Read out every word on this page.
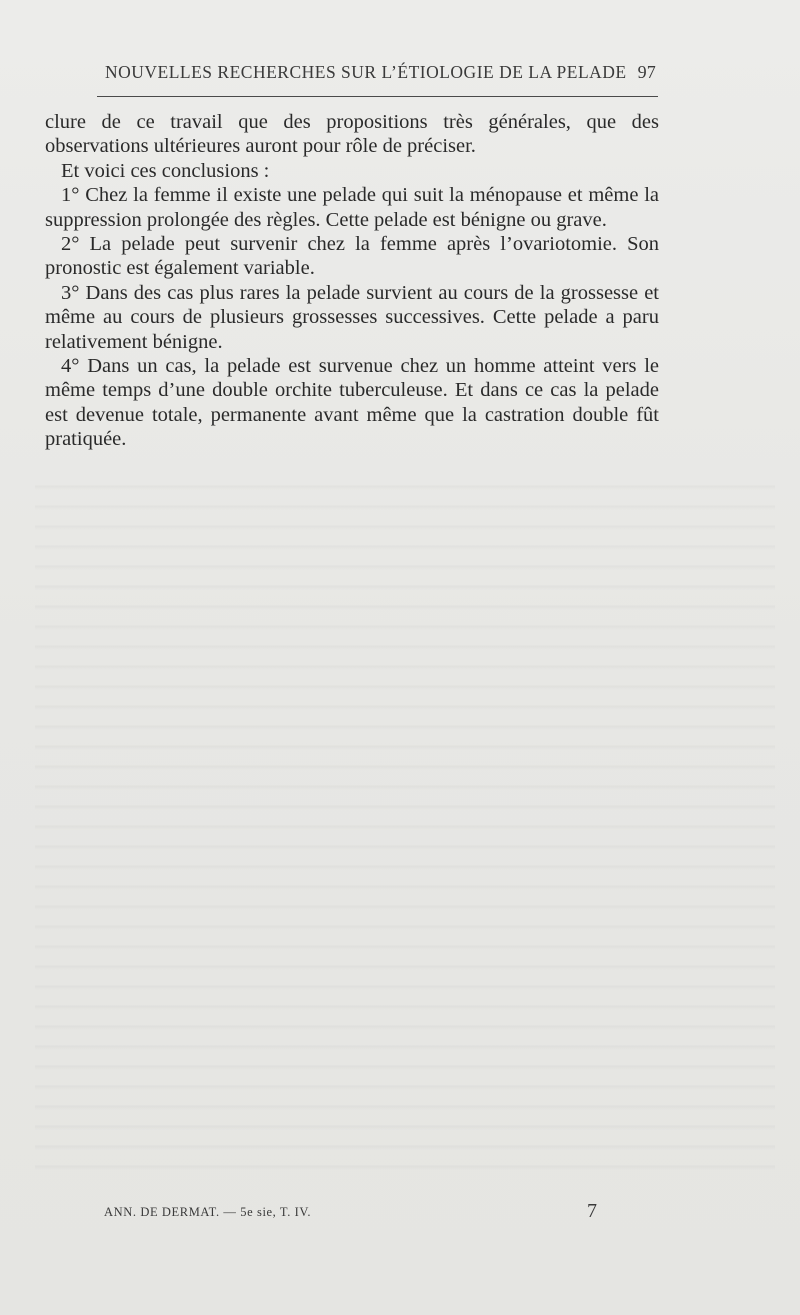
NOUVELLES RECHERCHES SUR L’ÉTIOLOGIE DE LA PELADE 97

clure de ce travail que des propositions très générales, que des observations ultérieures auront pour rôle de préciser.

Et voici ces conclusions :

1° Chez la femme il existe une pelade qui suit la ménopause et même la suppression prolongée des règles. Cette pelade est bénigne ou grave.

2° La pelade peut survenir chez la femme après l’ovariotomie. Son pronostic est également variable.

3° Dans des cas plus rares la pelade survient au cours de la grossesse et même au cours de plusieurs grossesses successives. Cette pelade a paru relativement bénigne.

4° Dans un cas, la pelade est survenue chez un homme atteint vers le même temps d’une double orchite tuberculeuse. Et dans ce cas la pelade est devenue totale, permanente avant même que la castration double fût pratiquée.

ANN. DE DERMAT. — 5e sie, T. IV.	7
